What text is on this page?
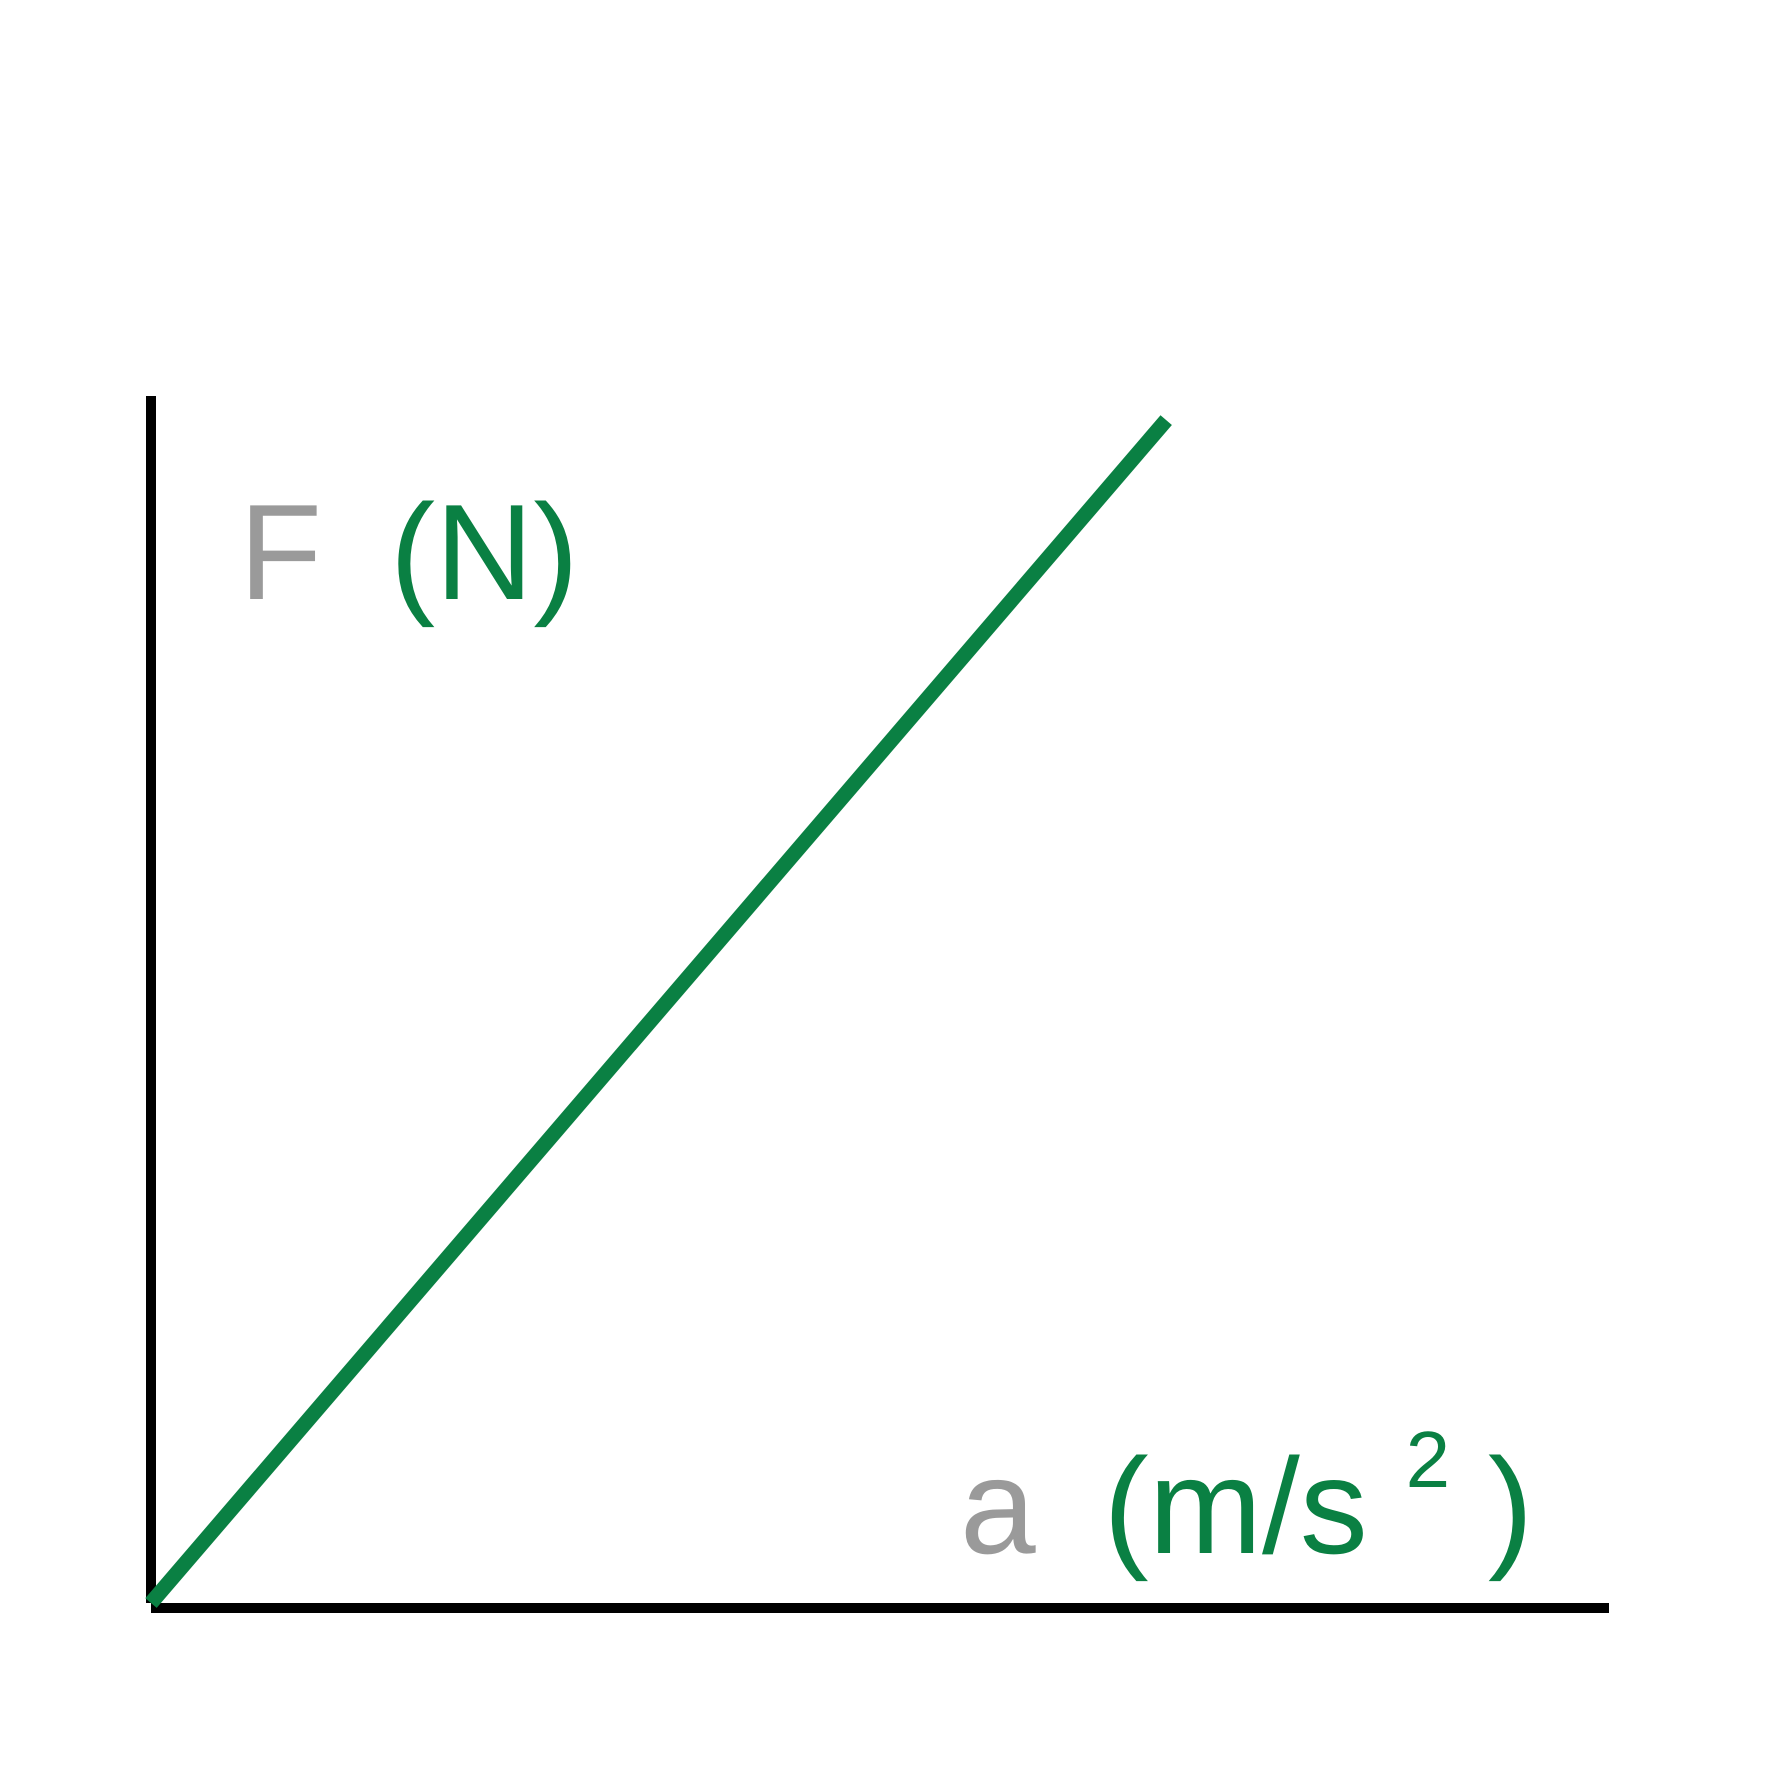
F (N)
a (m/s $^2$ )
